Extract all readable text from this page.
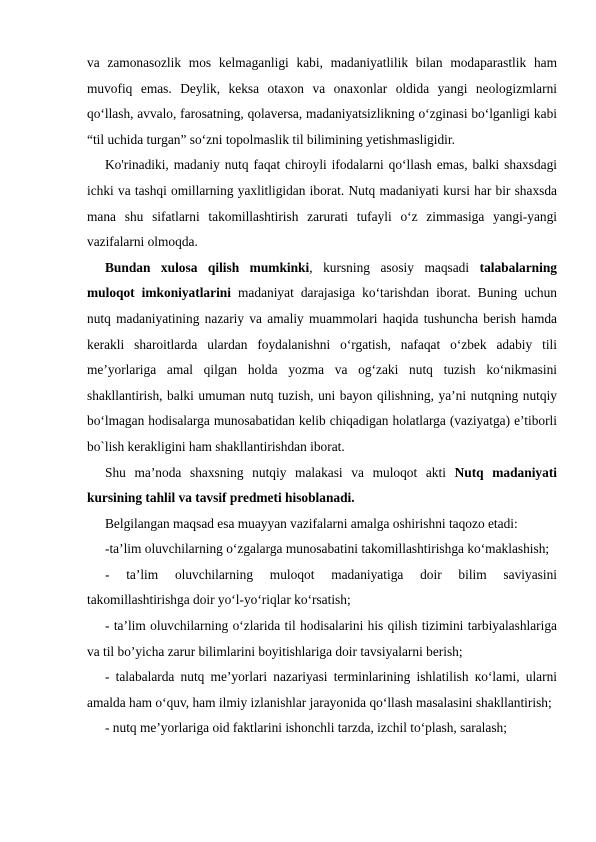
va zamonasozlik mos kelmaganligi kabi, madaniyatlilik bilan modaparastlik ham muvofiq emas. Deylik, keksa otaxon va onaxonlar oldida yangi neologizmlarni qo‘llash, avvalo, farosatning, qolaversa, madaniyatsizlikning o‘zginasi bo‘lganligi kabi “til uchida turgan” so‘zni topolmaslik til bilimining yetishmasligidir.

Ko'rinadiki, madaniy nutq faqat chiroyli ifodalarni qo‘llash emas, balki shaxsdagi ichki va tashqi omillarning yaxlitligidan iborat. Nutq madaniyati kursi har bir shaxsda mana shu sifatlarni takomillashtirish zarurati tufayli o‘z zimmasiga yangi-yangi vazifalarni olmoqda.

Bundan xulosa qilish mumkinki, kursning asosiy maqsadi talabalarning muloqot imkoniyatlarini madaniyat darajasiga ko‘tarishdan iborat. Buning uchun nutq madaniyatining nazariy va amaliy muammolari haqida tushuncha berish hamda kerakli sharoitlarda ulardan foydalanishni o‘rgatish, nafaqat o‘zbek adabiy tili me’yorlariga amal qilgan holda yozma va og‘zaki nutq tuzish ko‘nikmasini shakllantirish, balki umuman nutq tuzish, uni bayon qilishning, ya’ni nutqning nutqiy bo‘lmagan hodisalarga munosabatidan kelib chiqadigan holatlarga (vaziyatga) e’tiborli bo`lish kerakligini ham shakllantirishdan iborat.

Shu ma’noda shaxsning nutqiy malakasi va muloqot akti Nutq madaniyati kursining tahlil va tavsif predmeti hisoblanadi.

Belgilangan maqsad esa muayyan vazifalarni amalga oshirishni taqozo etadi:

-ta’lim oluvchilarning o‘zgalarga munosabatini takomillashtirishga ko‘maklashish;

- ta’lim oluvchilarning muloqot madaniyatiga doir bilim saviyasini takomillashtirishga doir yo‘l-yo‘riqlar ko‘rsatish;

- ta’lim oluvchilarning o‘zlarida til hodisalarini his qilish tizimini tarbiyalashlariga va til bo’yicha zarur bilimlarini boyitishlariga doir tavsiyalarni berish;

- talabalarda nutq me’yorlari nazariyasi terminlarining ishlatilish кo‘lami, ularni amalda ham o‘quv, ham ilmiy izlanishlar jarayonida qo‘llash masalasini shakllantirish;

- nutq me’yorlariga oid faktlarini ishonchli tarzda, izchil to‘plash, saralash;
